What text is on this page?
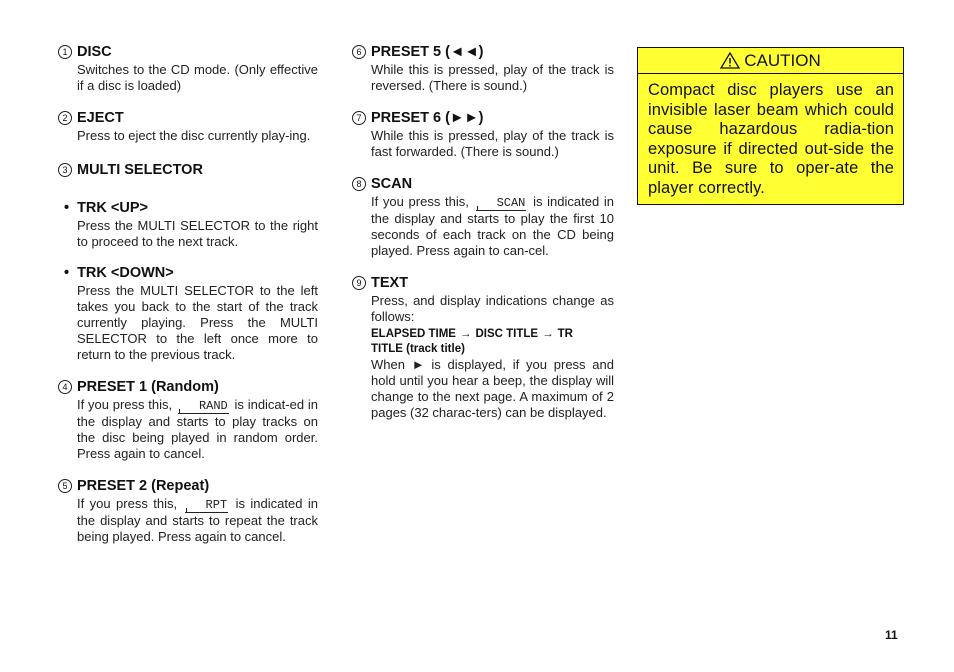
1 DISC

Switches to the CD mode. (Only effective if a disc is loaded)

2 EJECT

Press to eject the disc currently play-ing.

3 MULTI SELECTOR
• TRK <UP>

Press the MULTI SELECTOR to the right to proceed to the next track.

• TRK <DOWN>

Press the MULTI SELECTOR to the left takes you back to the start of the track currently playing. Press the MULTI SELECTOR to the left once more to return to the previous track.

4 PRESET 1 (Random)

If you press this, RAND is indicat-ed in the display and starts to play tracks on the disc being played in random order. Press again to cancel.

5 PRESET 2 (Repeat)

If you press this, RPT is indicated in the display and starts to repeat the track being played. Press again to cancel.

6 PRESET 5 (◄◄)

While this is pressed, play of the track is reversed. (There is sound.)

7 PRESET 6 (►►)

While this is pressed, play of the track is fast forwarded. (There is sound.)

8 SCAN

If you press this, SCAN is indicated in the display and starts to play the first 10 seconds of each track on the CD being played. Press again to can-cel.

9 TEXT

Press, and display indications change as follows:

ELAPSED TIME → DISC TITLE → TR
TITLE (track title)

When ► is displayed, if you press and hold until you hear a beep, the display will change to the next page. A maximum of 2 pages (32 charac-ters) can be displayed.

CAUTION
Compact disc players use an invisible laser beam which could cause hazardous radia-tion exposure if directed out-side the unit. Be sure to oper-ate the player correctly.
11
